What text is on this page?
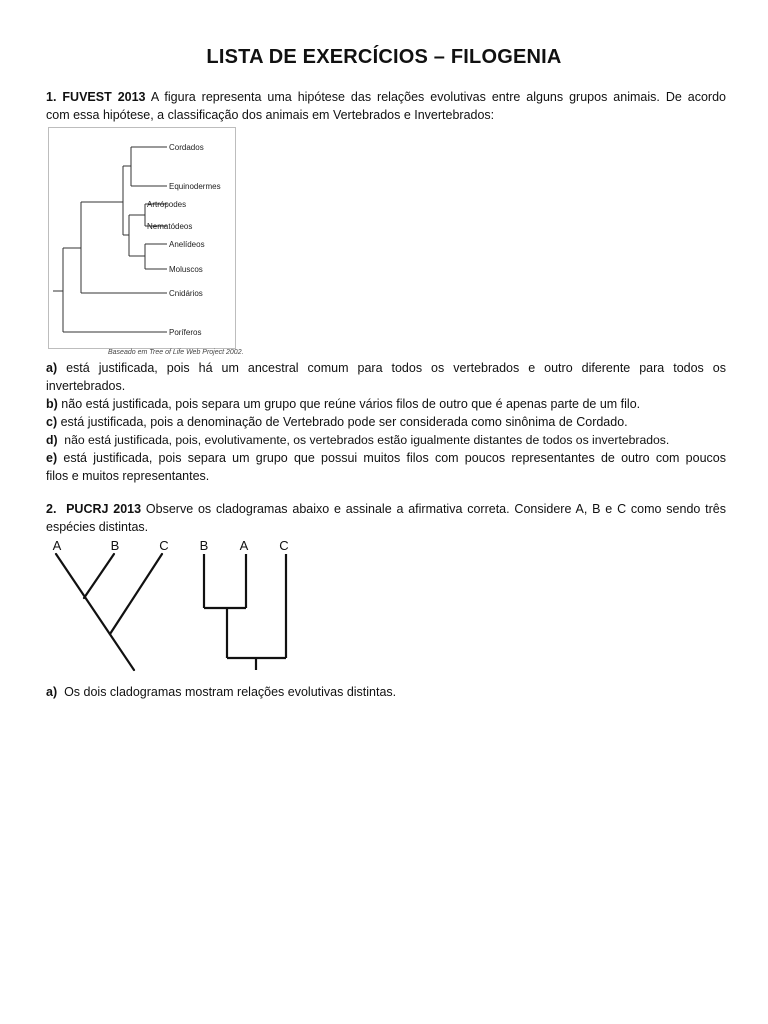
LISTA DE EXERCÍCIOS – FILOGENIA
1. FUVEST 2013 A figura representa uma hipótese das relações evolutivas entre alguns grupos animais. De acordo
com essa hipótese, a classificação dos animais em Vertebrados e Invertebrados:
Cordados
Equinodermes
Artrópodes
Nematódeos
Anelídeos
Moluscos
Cnidários
Poríferos
Baseado em Tree of Life Web Project 2002.
a) está justificada, pois há um ancestral comum para todos os vertebrados e outro diferente para todos os
invertebrados.
b) não está justificada, pois separa um grupo que reúne vários filos de outro que é apenas parte de um filo.
c) está justificada, pois a denominação de Vertebrado pode ser considerada como sinônima de Cordado.
d) não está justificada, pois, evolutivamente, os vertebrados estão igualmente distantes de todos os invertebrados.
e) está justificada, pois separa um grupo que possui muitos filos com poucos representantes de outro com poucos
filos e muitos representantes.
2. PUCRJ 2013 Observe os cladogramas abaixo e assinale a afirmativa correta. Considere A, B e C como sendo três
espécies distintas.
A	B	C B A C
a) Os dois cladogramas mostram relações evolutivas distintas.
